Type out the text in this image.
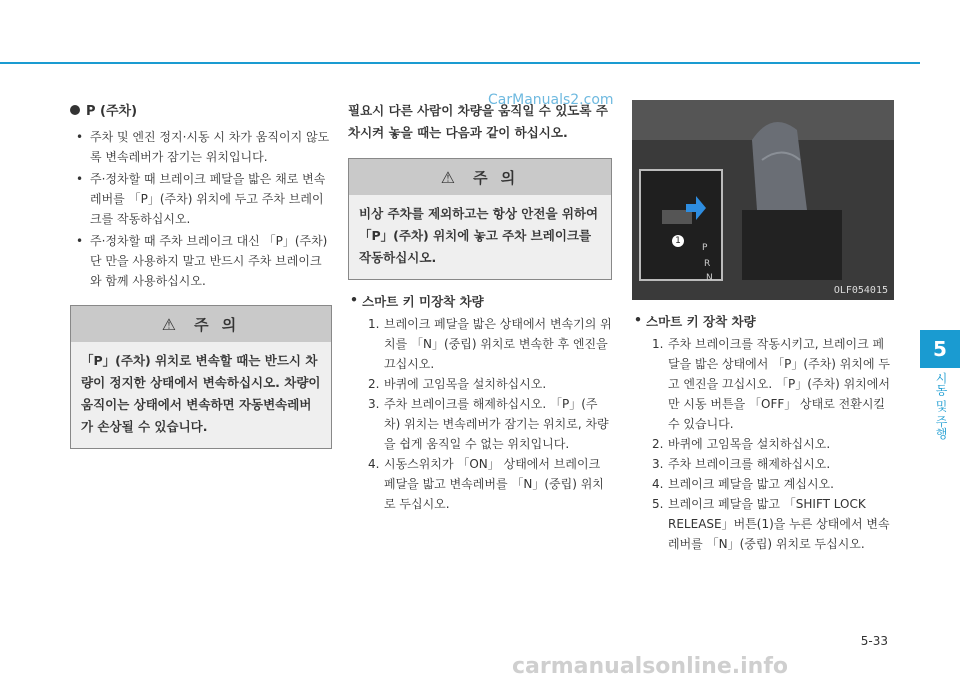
CarManuals2.com
P (주차)
• 주차 및 엔진 정지·시동 시 차가 움직이지 않도록 변속레버가 잠기는 위치입니다.
• 주·정차할 때 브레이크 페달을 밟은 채로 변속레버를 「P」(주차) 위치에 두고 주차 브레이크를 작동하십시오.
• 주·정차할 때 주차 브레이크 대신 「P」(주차) 단 만을 사용하지 말고 반드시 주차 브레이크와 함께 사용하십시오.
⚠ 주 의
「P」(주차) 위치로 변속할 때는 반드시 차량이 정지한 상태에서 변속하십시오. 차량이 움직이는 상태에서 변속하면 자동변속레버가 손상될 수 있습니다.

필요시 다른 사람이 차량을 움직일 수 있도록 주차시켜 놓을 때는 다음과 같이 하십시오.

⚠ 주 의
비상 주차를 제외하고는 항상 안전을 위하여 「P」(주차) 위치에 놓고 주차 브레이크를 작동하십시오.
• 스마트 키 미장착 차량
1. 브레이크 페달을 밟은 상태에서 변속기의 위치를 「N」(중립) 위치로 변속한 후 엔진을 끄십시오.
2. 바퀴에 고임목을 설치하십시오.
3. 주차 브레이크를 해제하십시오. 「P」(주차) 위치는 변속레버가 잠기는 위치로, 차량을 쉽게 움직일 수 없는 위치입니다.
4. 시동스위치가 「ON」 상태에서 브레이크 페달을 밟고 변속레버를 「N」(중립) 위치로 두십시오.
P
R
N
1
OLF054015
• 스마트 키 장착 차량
1. 주차 브레이크를 작동시키고, 브레이크 페달을 밟은 상태에서 「P」(주차) 위치에 두고 엔진을 끄십시오. 「P」(주차) 위치에서만 시동 버튼을 「OFF」 상태로 전환시킬 수 있습니다.
2. 바퀴에 고임목을 설치하십시오.
3. 주차 브레이크를 해제하십시오.
4. 브레이크 페달을 밟고 계십시오.
5. 브레이크 페달을 밟고 「SHIFT LOCK RELEASE」버튼(1)을 누른 상태에서 변속레버를 「N」(중립) 위치로 두십시오.
5
시동 및 주행
5-33
carmanualsonline.info
